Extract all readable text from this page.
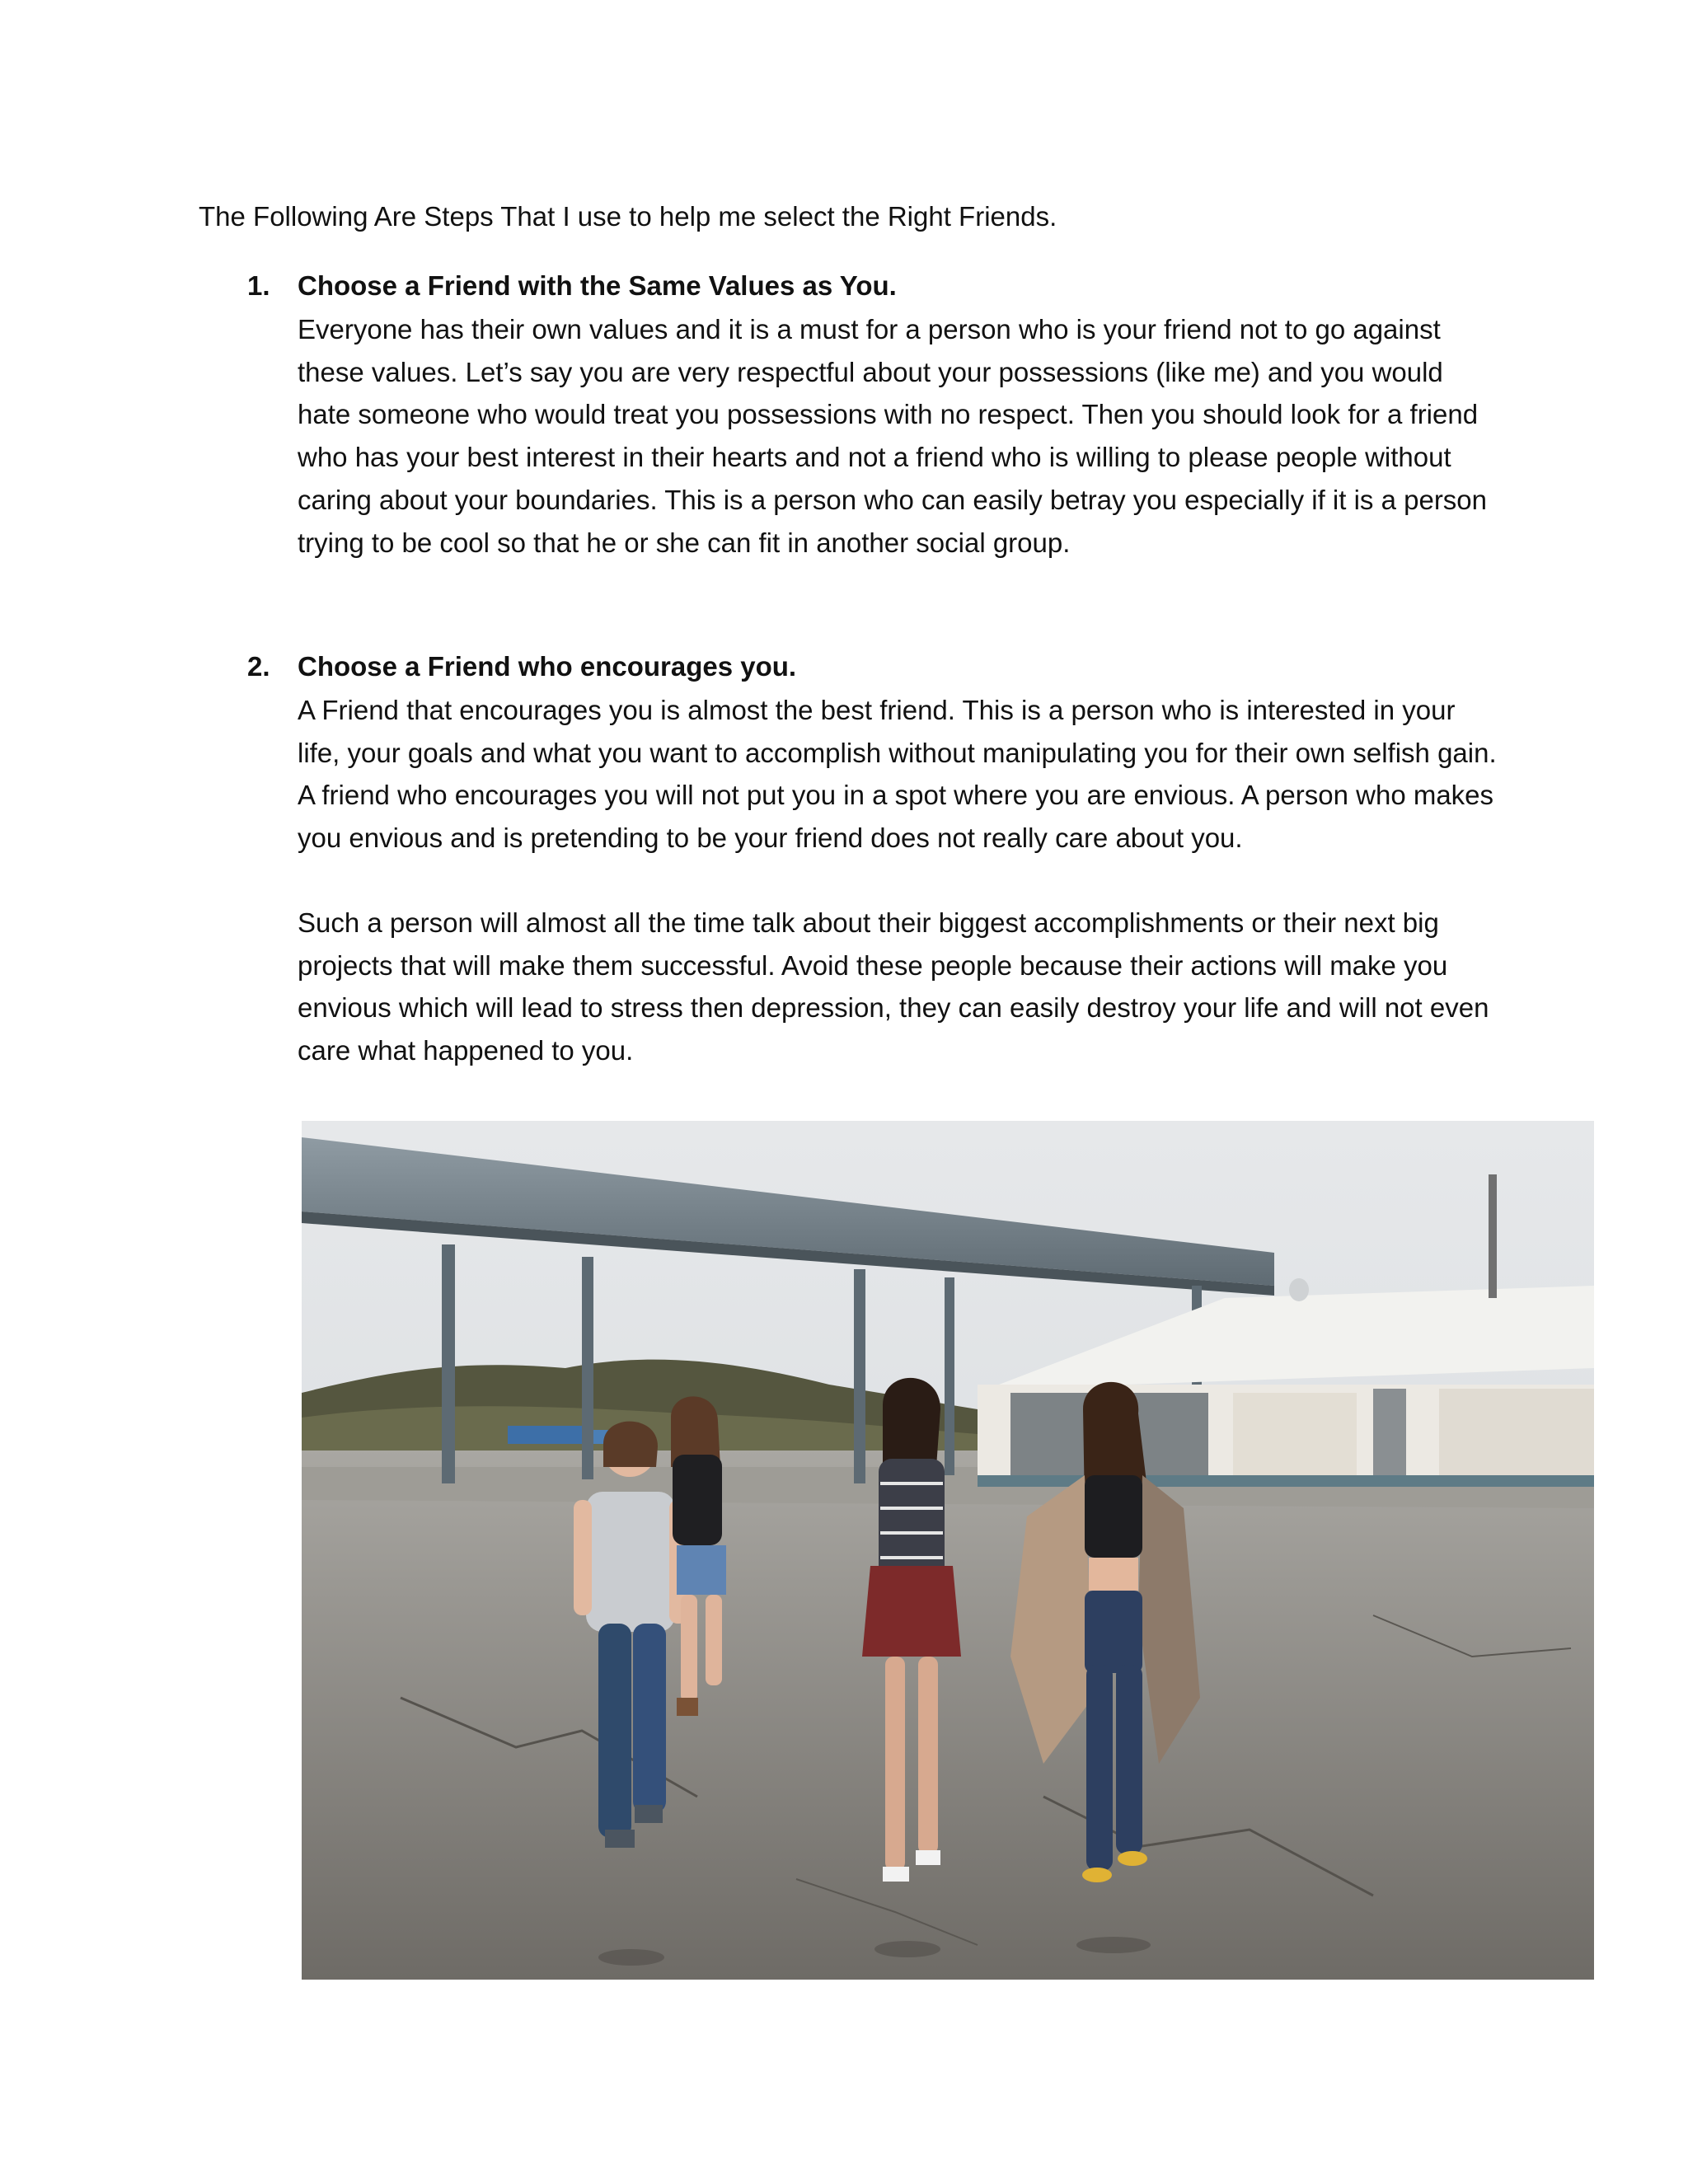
The Following Are Steps That I use to help me select the Right Friends.
1. Choose a Friend with the Same Values as You.

Everyone has their own values and it is a must for a person who is your friend not to go against these values. Let’s say you are very respectful about your possessions (like me) and you would hate someone who would treat you possessions with no respect. Then you should look for a friend who has your best interest in their hearts and not a friend who is willing to please people without caring about your boundaries. This is a person who can easily betray you especially if it is a person trying to be cool so that he or she can fit in another social group.

2. Choose a Friend who encourages you.

A Friend that encourages you is almost the best friend. This is a person who is interested in your life, your goals and what you want to accomplish without manipulating you for their own selfish gain. A friend who encourages you will not put you in a spot where you are envious. A person who makes you envious and is pretending to be your friend does not really care about you.

Such a person will almost all the time talk about their biggest accomplishments or their next big projects that will make them successful. Avoid these people because their actions will make you envious which will lead to stress then depression, they can easily destroy your life and will not even care what happened to you.
